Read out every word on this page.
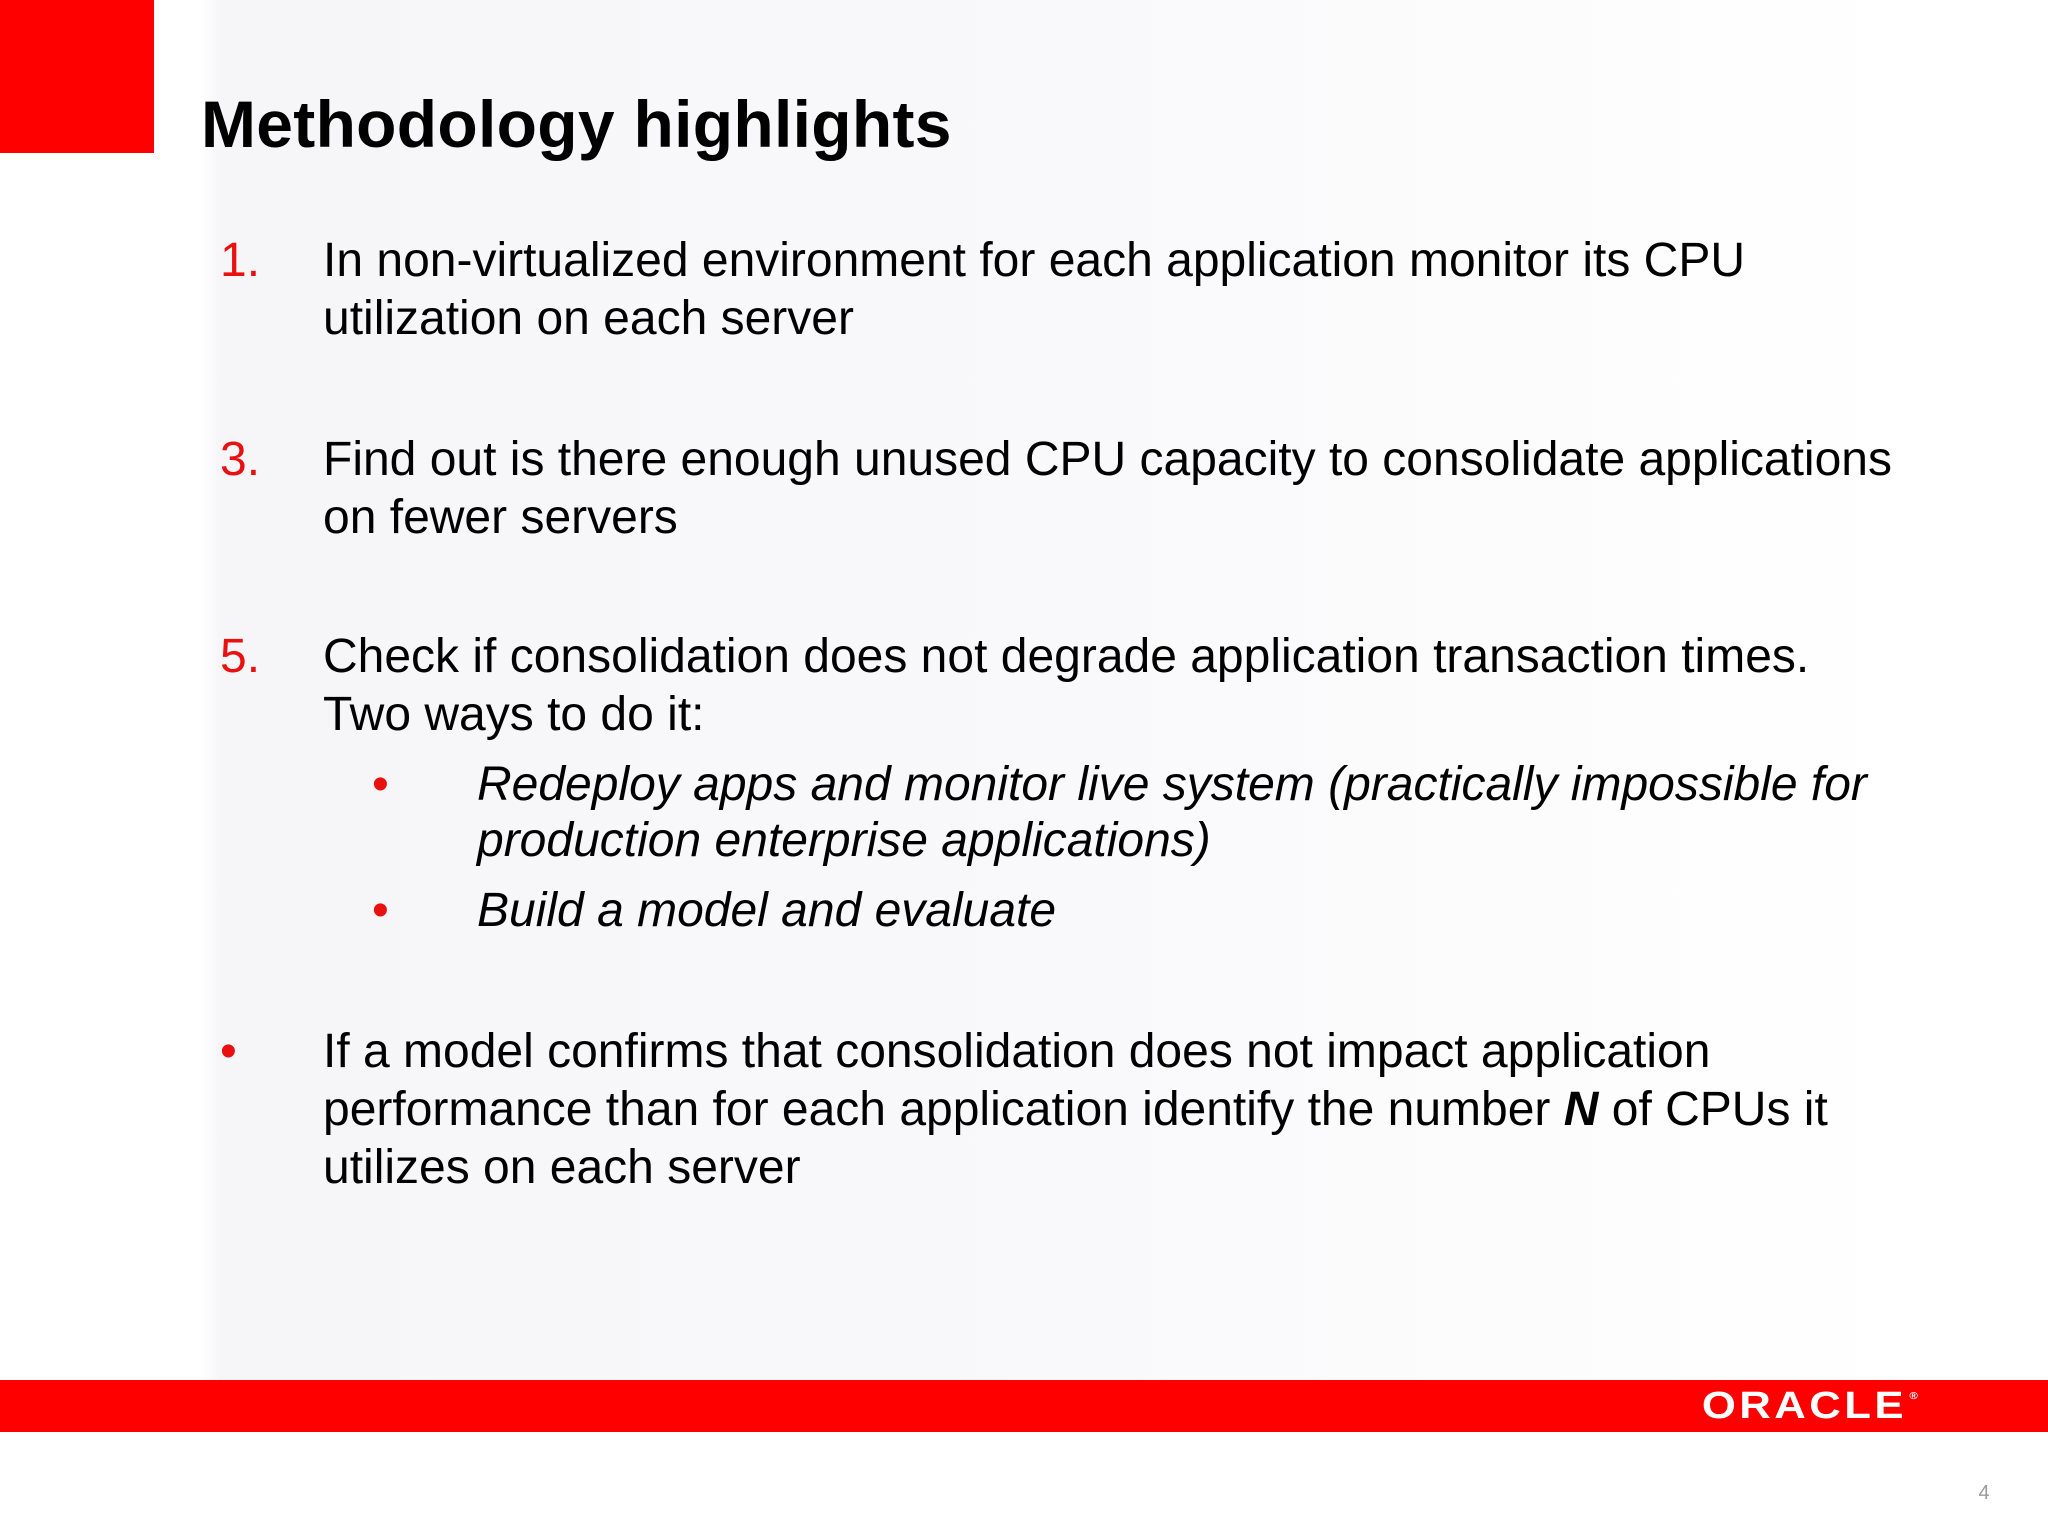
Methodology highlights
1. In non-virtualized environment for each application monitor its CPU utilization on each server
3. Find out is there enough unused CPU capacity to consolidate applications on fewer servers
5. Check if consolidation does not degrade application transaction times. Two ways to do it:
• Redeploy apps and monitor live system (practically impossible for production enterprise applications)
• Build a model and evaluate
• If a model confirms that consolidation does not impact application performance than for each application identify the number N of CPUs it utilizes on each server
ORACLE®
4
